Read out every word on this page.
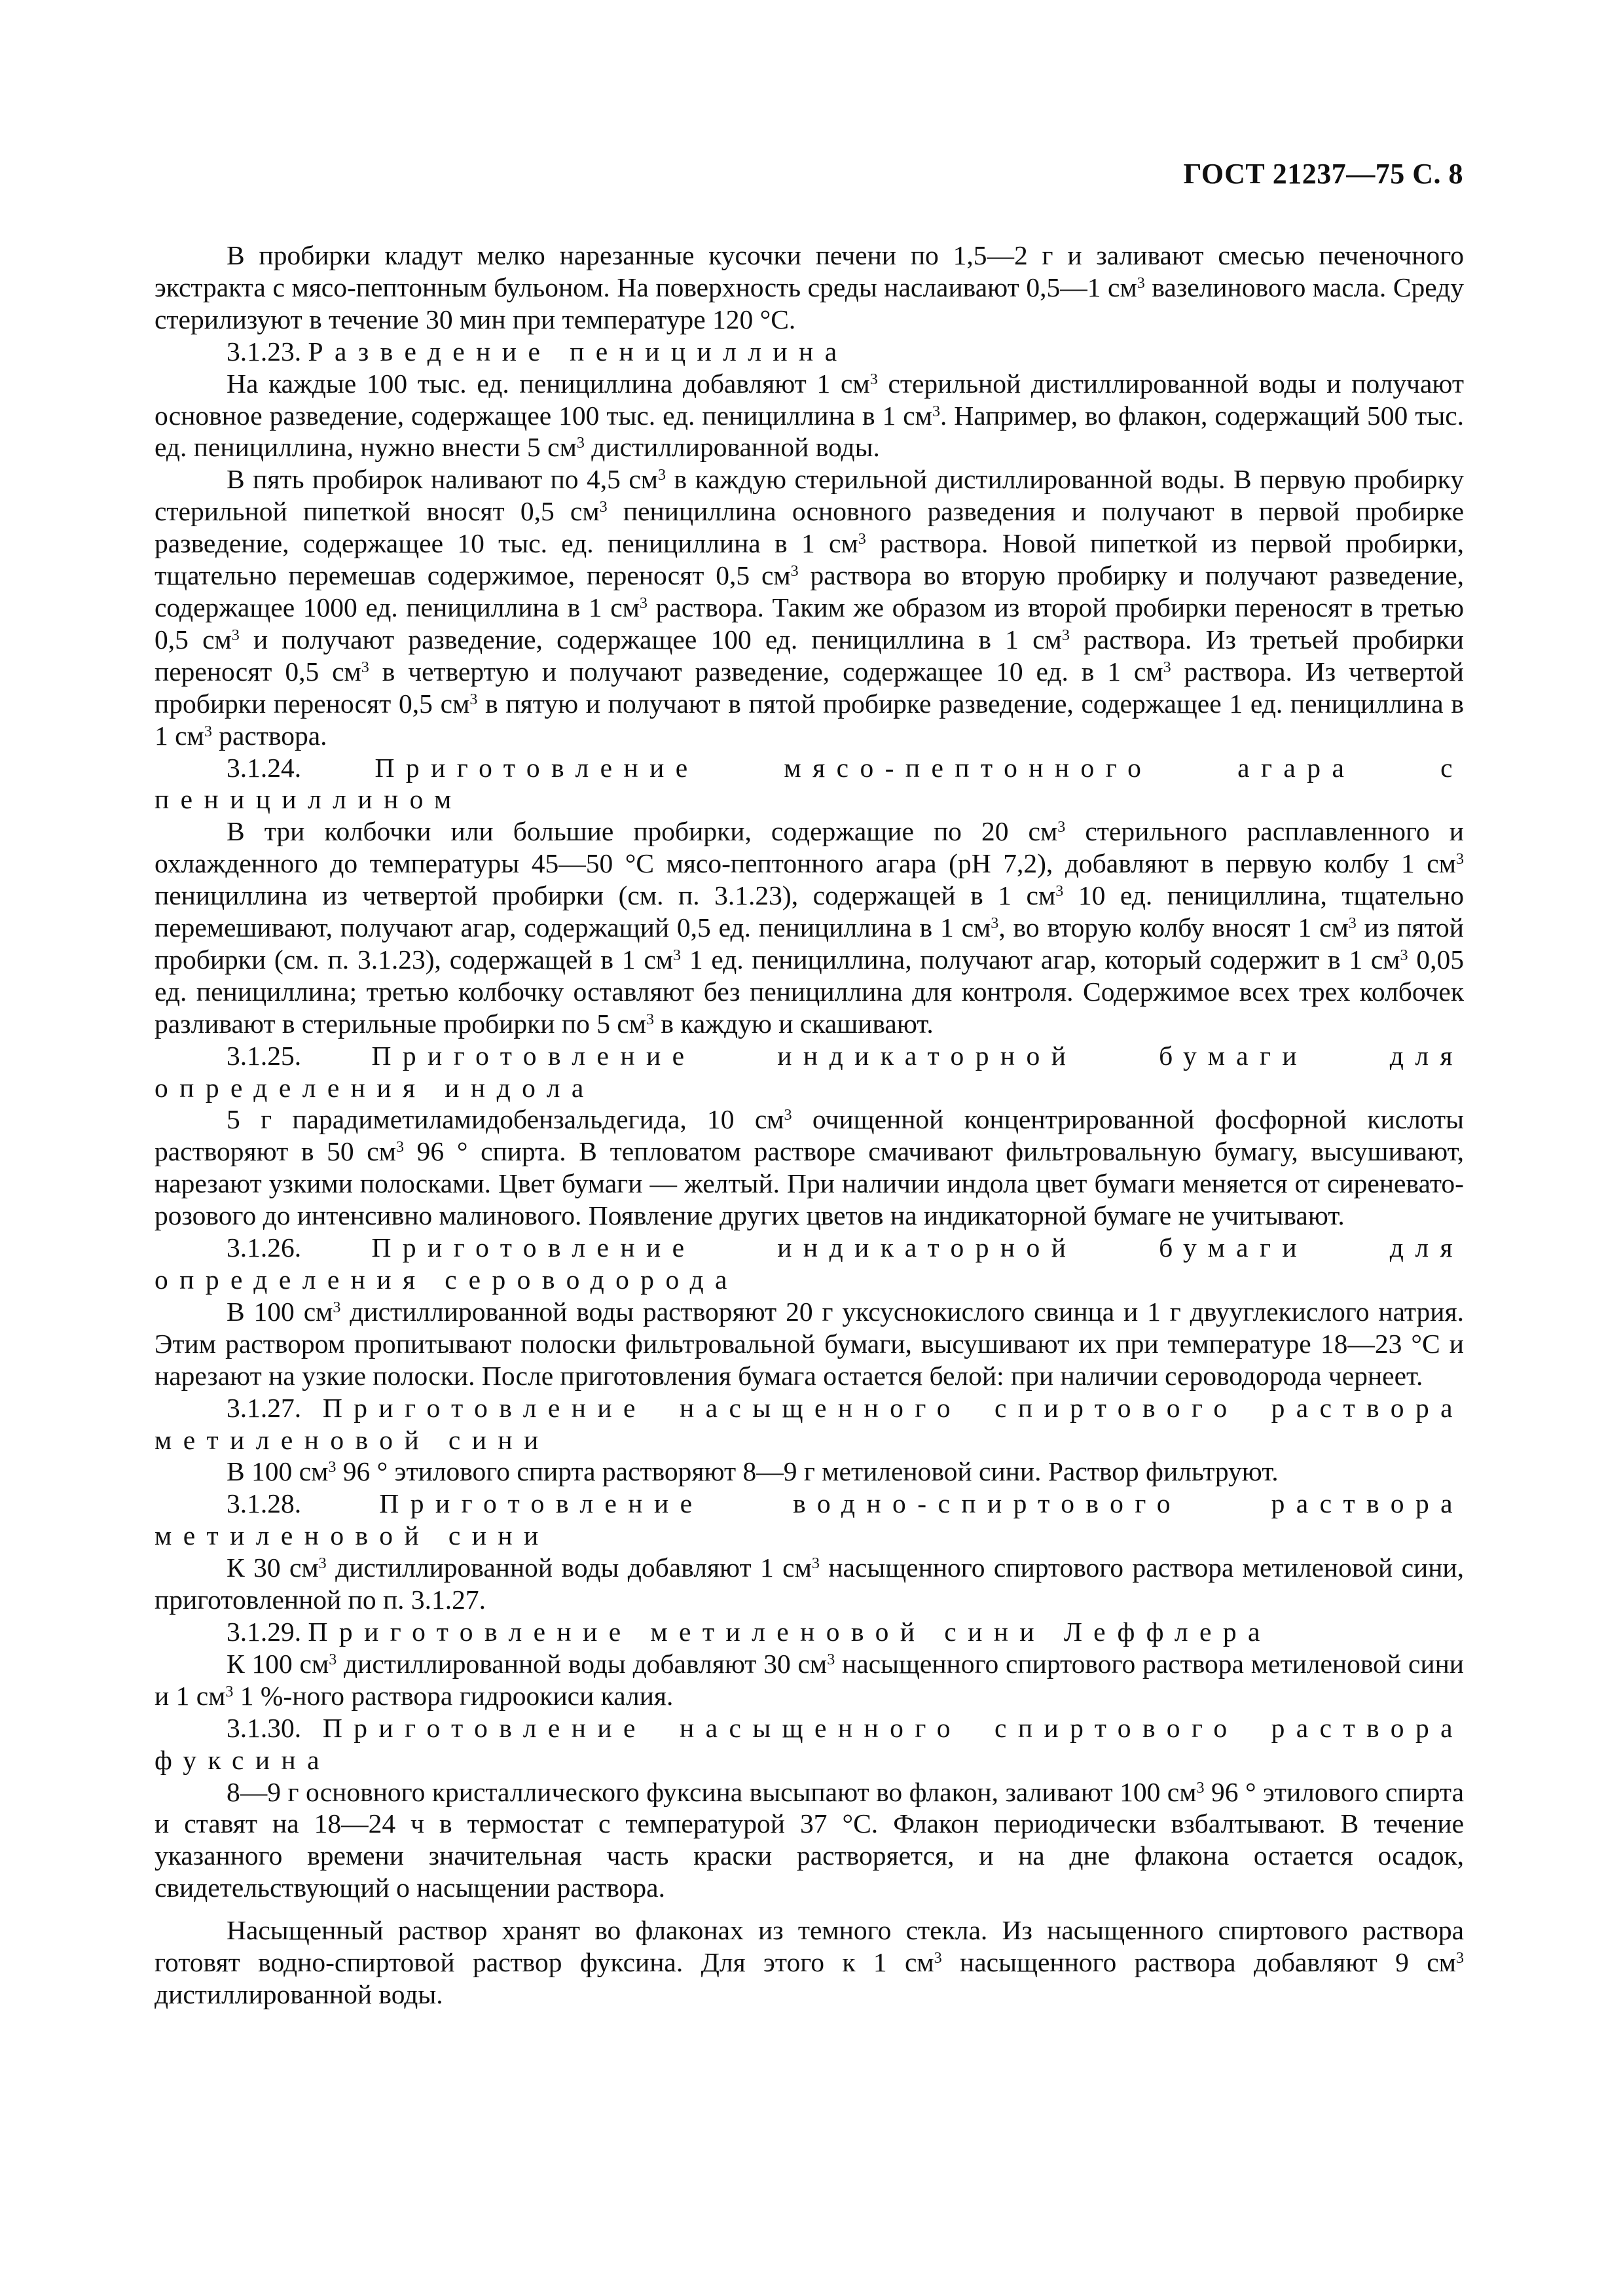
ГОСТ 21237—75 С. 8

В пробирки кладут мелко нарезанные кусочки печени по 1,5—2 г и заливают смесью печеночного экстракта с мясо-пептонным бульоном. На поверхность среды наслаивают 0,5—1 $см^3$ вазелинового масла. Среду стерилизуют в течение 30 мин при температуре 120 °C.

3.1.23. Разведение пенициллина

На каждые 100 тыс. ед. пенициллина добавляют 1 $см^3$ стерильной дистиллированной воды и получают основное разведение, содержащее 100 тыс. ед. пенициллина в 1 $см^3$. Например, во флакон, содержащий 500 тыс. ед. пенициллина, нужно внести 5 $см^3$ дистиллированной воды.

В пять пробирок наливают по 4,5 $см^3$ в каждую стерильной дистиллированной воды. В первую пробирку стерильной пипеткой вносят 0,5 $см^3$ пенициллина основного разведения и получают в первой пробирке разведение, содержащее 10 тыс. ед. пенициллина в 1 $см^3$ раствора. Новой пипеткой из первой пробирки, тщательно перемешав содержимое, переносят 0,5 $см^3$ раствора во вторую пробирку и получают разведение, содержащее 1000 ед. пенициллина в 1 $см^3$ раствора. Таким же образом из второй пробирки переносят в третью 0,5 $см^3$ и получают разведение, содержащее 100 ед. пенициллина в 1 $см^3$ раствора. Из третьей пробирки переносят 0,5 $см^3$ в четвертую и получают разведение, содержащее 10 ед. в 1 $см^3$ раствора. Из четвертой пробирки переносят 0,5 $см^3$ в пятую и получают в пятой пробирке разведение, содержащее 1 ед. пенициллина в 1 $см^3$ раствора.

3.1.24. Приготовление мясо-пептонного агара с пенициллином

В три колбочки или большие пробирки, содержащие по 20 $см^3$ стерильного расплавленного и охлажденного до температуры 45—50 °C мясо-пептонного агара (pH 7,2), добавляют в первую колбу 1 $см^3$ пенициллина из четвертой пробирки (см. п. 3.1.23), содержащей в 1 $см^3$ 10 ед. пенициллина, тщательно перемешивают, получают агар, содержащий 0,5 ед. пенициллина в 1 $см^3$, во вторую колбу вносят 1 $см^3$ из пятой пробирки (см. п. 3.1.23), содержащей в 1 $см^3$ 1 ед. пенициллина, получают агар, который содержит в 1 $см^3$ 0,05 ед. пенициллина; третью колбочку оставляют без пенициллина для контроля. Содержимое всех трех колбочек разливают в стерильные пробирки по 5 $см^3$ в каждую и скашивают.

3.1.25. Приготовление индикаторной бумаги для определения индола

5 г парадиметиламидобензальдегида, 10 $см^3$ очищенной концентрированной фосфорной кислоты растворяют в 50 $см^3$ 96 ° спирта. В тепловатом растворе смачивают фильтровальную бумагу, высушивают, нарезают узкими полосками. Цвет бумаги — желтый. При наличии индола цвет бумаги меняется от сиреневато-розового до интенсивно малинового. Появление других цветов на индикаторной бумаге не учитывают.

3.1.26. Приготовление индикаторной бумаги для определения сероводорода

В 100 $см^3$ дистиллированной воды растворяют 20 г уксуснокислого свинца и 1 г двууглекислого натрия. Этим раствором пропитывают полоски фильтровальной бумаги, высушивают их при температуре 18—23 °C и нарезают на узкие полоски. После приготовления бумага остается белой: при наличии сероводорода чернеет.

3.1.27. Приготовление насыщенного спиртового раствора метиленовой сини

В 100 $см^3$ 96 ° этилового спирта растворяют 8—9 г метиленовой сини. Раствор фильтруют.

3.1.28. Приготовление водно-спиртового раствора метиленовой сини

К 30 $см^3$ дистиллированной воды добавляют 1 $см^3$ насыщенного спиртового раствора метиленовой сини, приготовленной по п. 3.1.27.

3.1.29. Приготовление метиленовой сини Леффлера

К 100 $см^3$ дистиллированной воды добавляют 30 $см^3$ насыщенного спиртового раствора метиленовой сини и 1 $см^3$ 1 %-ного раствора гидроокиси калия.

3.1.30. Приготовление насыщенного спиртового раствора фуксина

8—9 г основного кристаллического фуксина высыпают во флакон, заливают 100 $см^3$ 96 ° этилового спирта и ставят на 18—24 ч в термостат с температурой 37 °C. Флакон периодически взбалтывают. В течение указанного времени значительная часть краски растворяется, и на дне флакона остается осадок, свидетельствующий о насыщении раствора.

Насыщенный раствор хранят во флаконах из темного стекла. Из насыщенного спиртового раствора готовят водно-спиртовой раствор фуксина. Для этого к 1 $см^3$ насыщенного раствора добавляют 9 $см^3$ дистиллированной воды.
